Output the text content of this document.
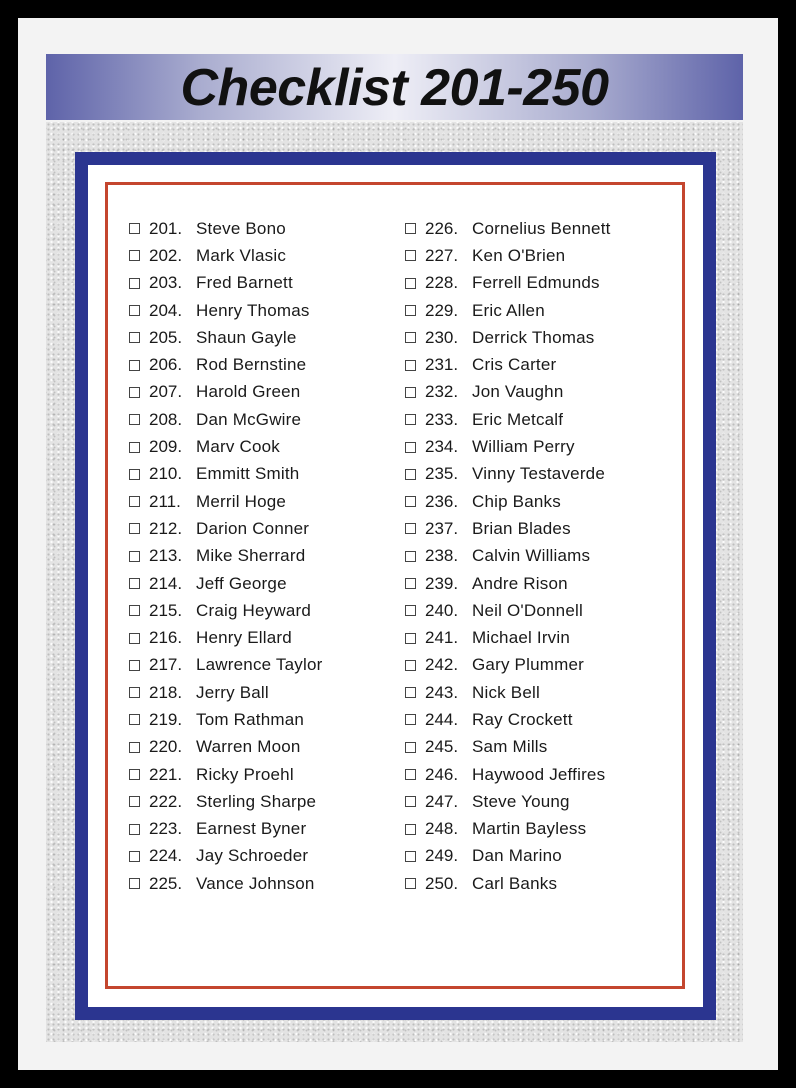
Checklist 201-250
201. Steve Bono
202. Mark Vlasic
203. Fred Barnett
204. Henry Thomas
205. Shaun Gayle
206. Rod Bernstine
207. Harold Green
208. Dan McGwire
209. Marv Cook
210. Emmitt Smith
211. Merril Hoge
212. Darion Conner
213. Mike Sherrard
214. Jeff George
215. Craig Heyward
216. Henry Ellard
217. Lawrence Taylor
218. Jerry Ball
219. Tom Rathman
220. Warren Moon
221. Ricky Proehl
222. Sterling Sharpe
223. Earnest Byner
224. Jay Schroeder
225. Vance Johnson
226. Cornelius Bennett
227. Ken O'Brien
228. Ferrell Edmunds
229. Eric Allen
230. Derrick Thomas
231. Cris Carter
232. Jon Vaughn
233. Eric Metcalf
234. William Perry
235. Vinny Testaverde
236. Chip Banks
237. Brian Blades
238. Calvin Williams
239. Andre Rison
240. Neil O'Donnell
241. Michael Irvin
242. Gary Plummer
243. Nick Bell
244. Ray Crockett
245. Sam Mills
246. Haywood Jeffires
247. Steve Young
248. Martin Bayless
249. Dan Marino
250. Carl Banks
